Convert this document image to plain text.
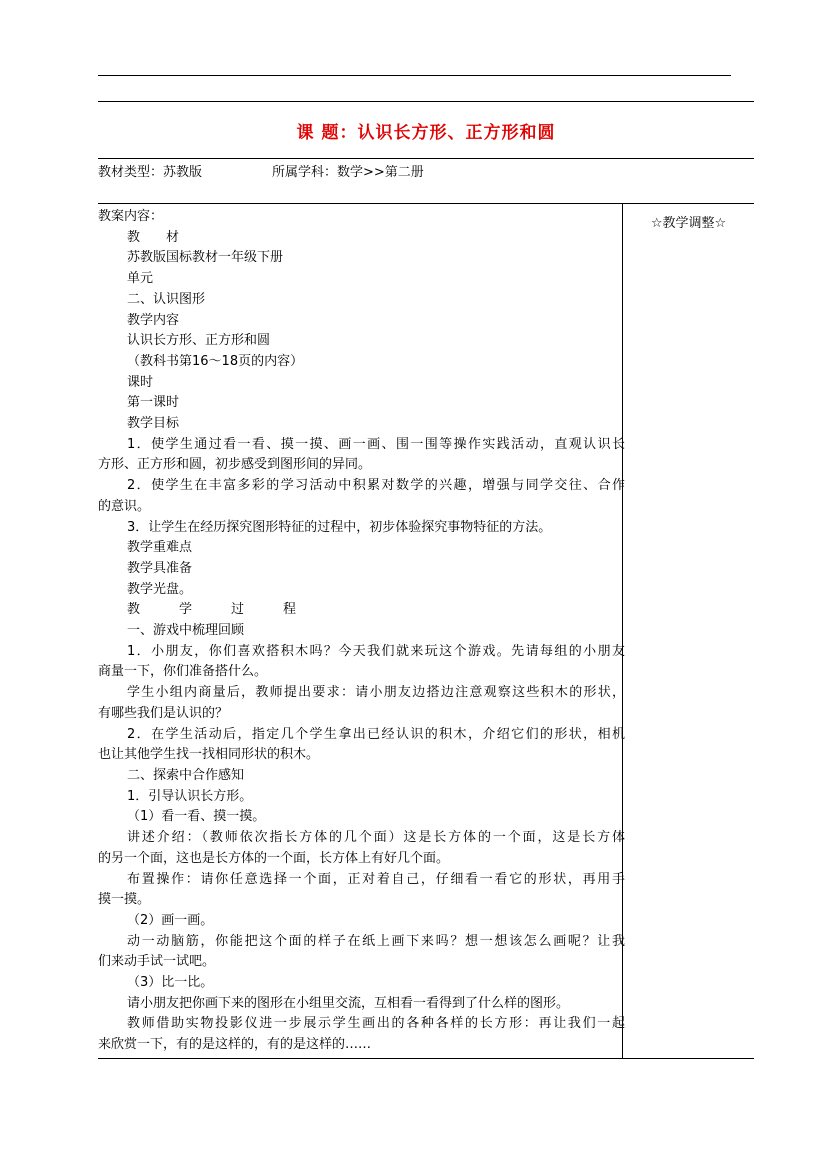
课 题：认识长方形、正方形和圆
教材类型：苏教版	所属学科：数学>>第二册

教案内容：

教　　材

苏教版国标教材一年级下册

单元

二、认识图形

教学内容

认识长方形、正方形和圆

（教科书第16～18页的内容）

课时

第一课时

教学目标

1．使学生通过看一看、摸一摸、画一画、围一围等操作实践活动，直观认识长

方形、正方形和圆，初步感受到图形间的异同。

2．使学生在丰富多彩的学习活动中积累对数学的兴趣，增强与同学交往、合作

的意识。

3．让学生在经历探究图形特征的过程中，初步体验探究事物特征的方法。

教学重难点

教学具准备

教学光盘。

教　　　学　　　过　　　程

一、游戏中梳理回顾

1．小朋友，你们喜欢搭积木吗？今天我们就来玩这个游戏。先请每组的小朋友

商量一下，你们准备搭什么。

学生小组内商量后，教师提出要求：请小朋友边搭边注意观察这些积木的形状，

有哪些我们是认识的？

2．在学生活动后，指定几个学生拿出已经认识的积木，介绍它们的形状，相机

也让其他学生找一找相同形状的积木。

二、探索中合作感知

1．引导认识长方形。

（1）看一看、摸一摸。

讲述介绍：（教师依次指长方体的几个面）这是长方体的一个面，这是长方体

的另一个面，这也是长方体的一个面，长方体上有好几个面。

布置操作：请你任意选择一个面，正对着自己，仔细看一看它的形状，再用手

摸一摸。

（2）画一画。

动一动脑筋，你能把这个面的样子在纸上画下来吗？想一想该怎么画呢？让我

们来动手试一试吧。

（3）比一比。

请小朋友把你画下来的图形在小组里交流，互相看一看得到了什么样的图形。

教师借助实物投影仪进一步展示学生画出的各种各样的长方形：再让我们一起

来欣赏一下，有的是这样的，有的是这样的……

☆教学调整☆
